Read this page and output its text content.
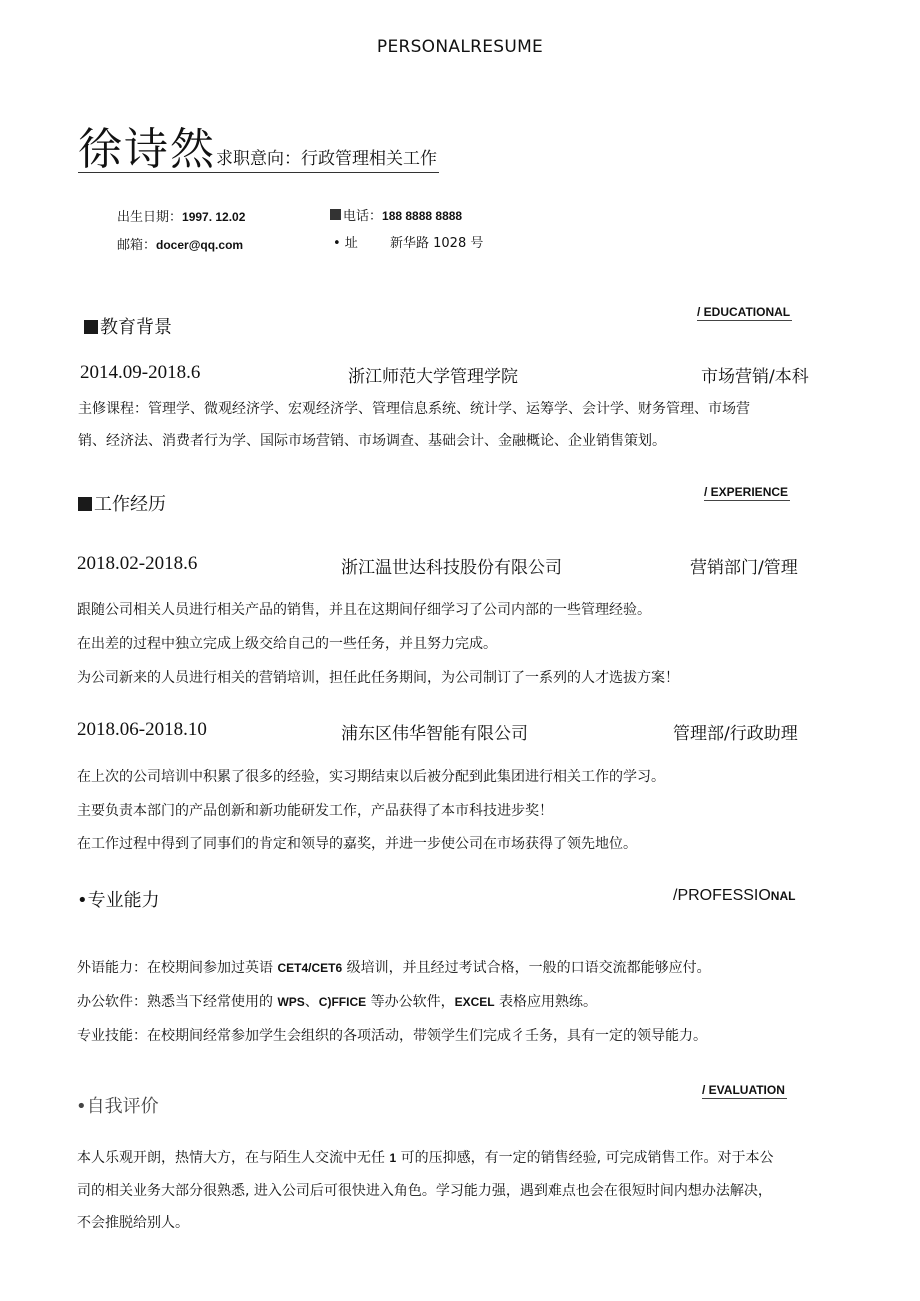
PERSONALRESUME
徐诗然求职意向：行政管理相关工作
出生日期：1997. 12.02	电话：188 8888 8888
邮箱：docer@qq.com	• 址 新华路 1028 号
教育背景
/ EDUCATIONAL
2014.09-2018.6	浙江师范大学管理学院	市场营销/本科
主修课程：管理学、微观经济学、宏观经济学、管理信息系统、统计学、运筹学、会计学、财务管理、市场营
销、经济法、消费者行为学、国际市场营销、市场调查、基础会计、金融概论、企业销售策划。
工作经历
/ EXPERIENCE
2018.02-2018.6	浙江温世达科技股份有限公司	营销部门/管理
跟随公司相关人员进行相关产品的销售，并且在这期间仔细学习了公司内部的一些管理经验。
在出差的过程中独立完成上级交给自己的一些任务，并且努力完成。
为公司新来的人员进行相关的营销培训，担任此任务期间，为公司制订了一系列的人才选拔方案！
2018.06-2018.10	浦东区伟华智能有限公司	管理部/行政助理
在上次的公司培训中积累了很多的经验，实习期结束以后被分配到此集团进行相关工作的学习。
主要负责本部门的产品创新和新功能研发工作，产品获得了本市科技进步奖！
在工作过程中得到了同事们的肯定和领导的嘉奖，并进一步使公司在市场获得了领先地位。
•专业能力	/PROFESSIONAL
外语能力：在校期间参加过英语 CET4/CET6 级培训，并且经过考试合格，一般的口语交流都能够应付。
办公软件：熟悉当下经常使用的 WPS、C)FFICE 等办公软件，EXCEL 表格应用熟练。
专业技能：在校期间经常参加学生会组织的各项活动，带领学生们完成彳壬务，具有一定的领导能力。
•自我评价
/ EVALUATION
本人乐观开朗，热情大方，在与陌生人交流中无任 1 可的压抑感，有一定的销售经验, 可完成销售工作。对于本公
司的相关业务大部分很熟悉, 进入公司后可很快进入角色。学习能力强，遇到难点也会在很短时间内想办法解决，
不会推脱给别人。
